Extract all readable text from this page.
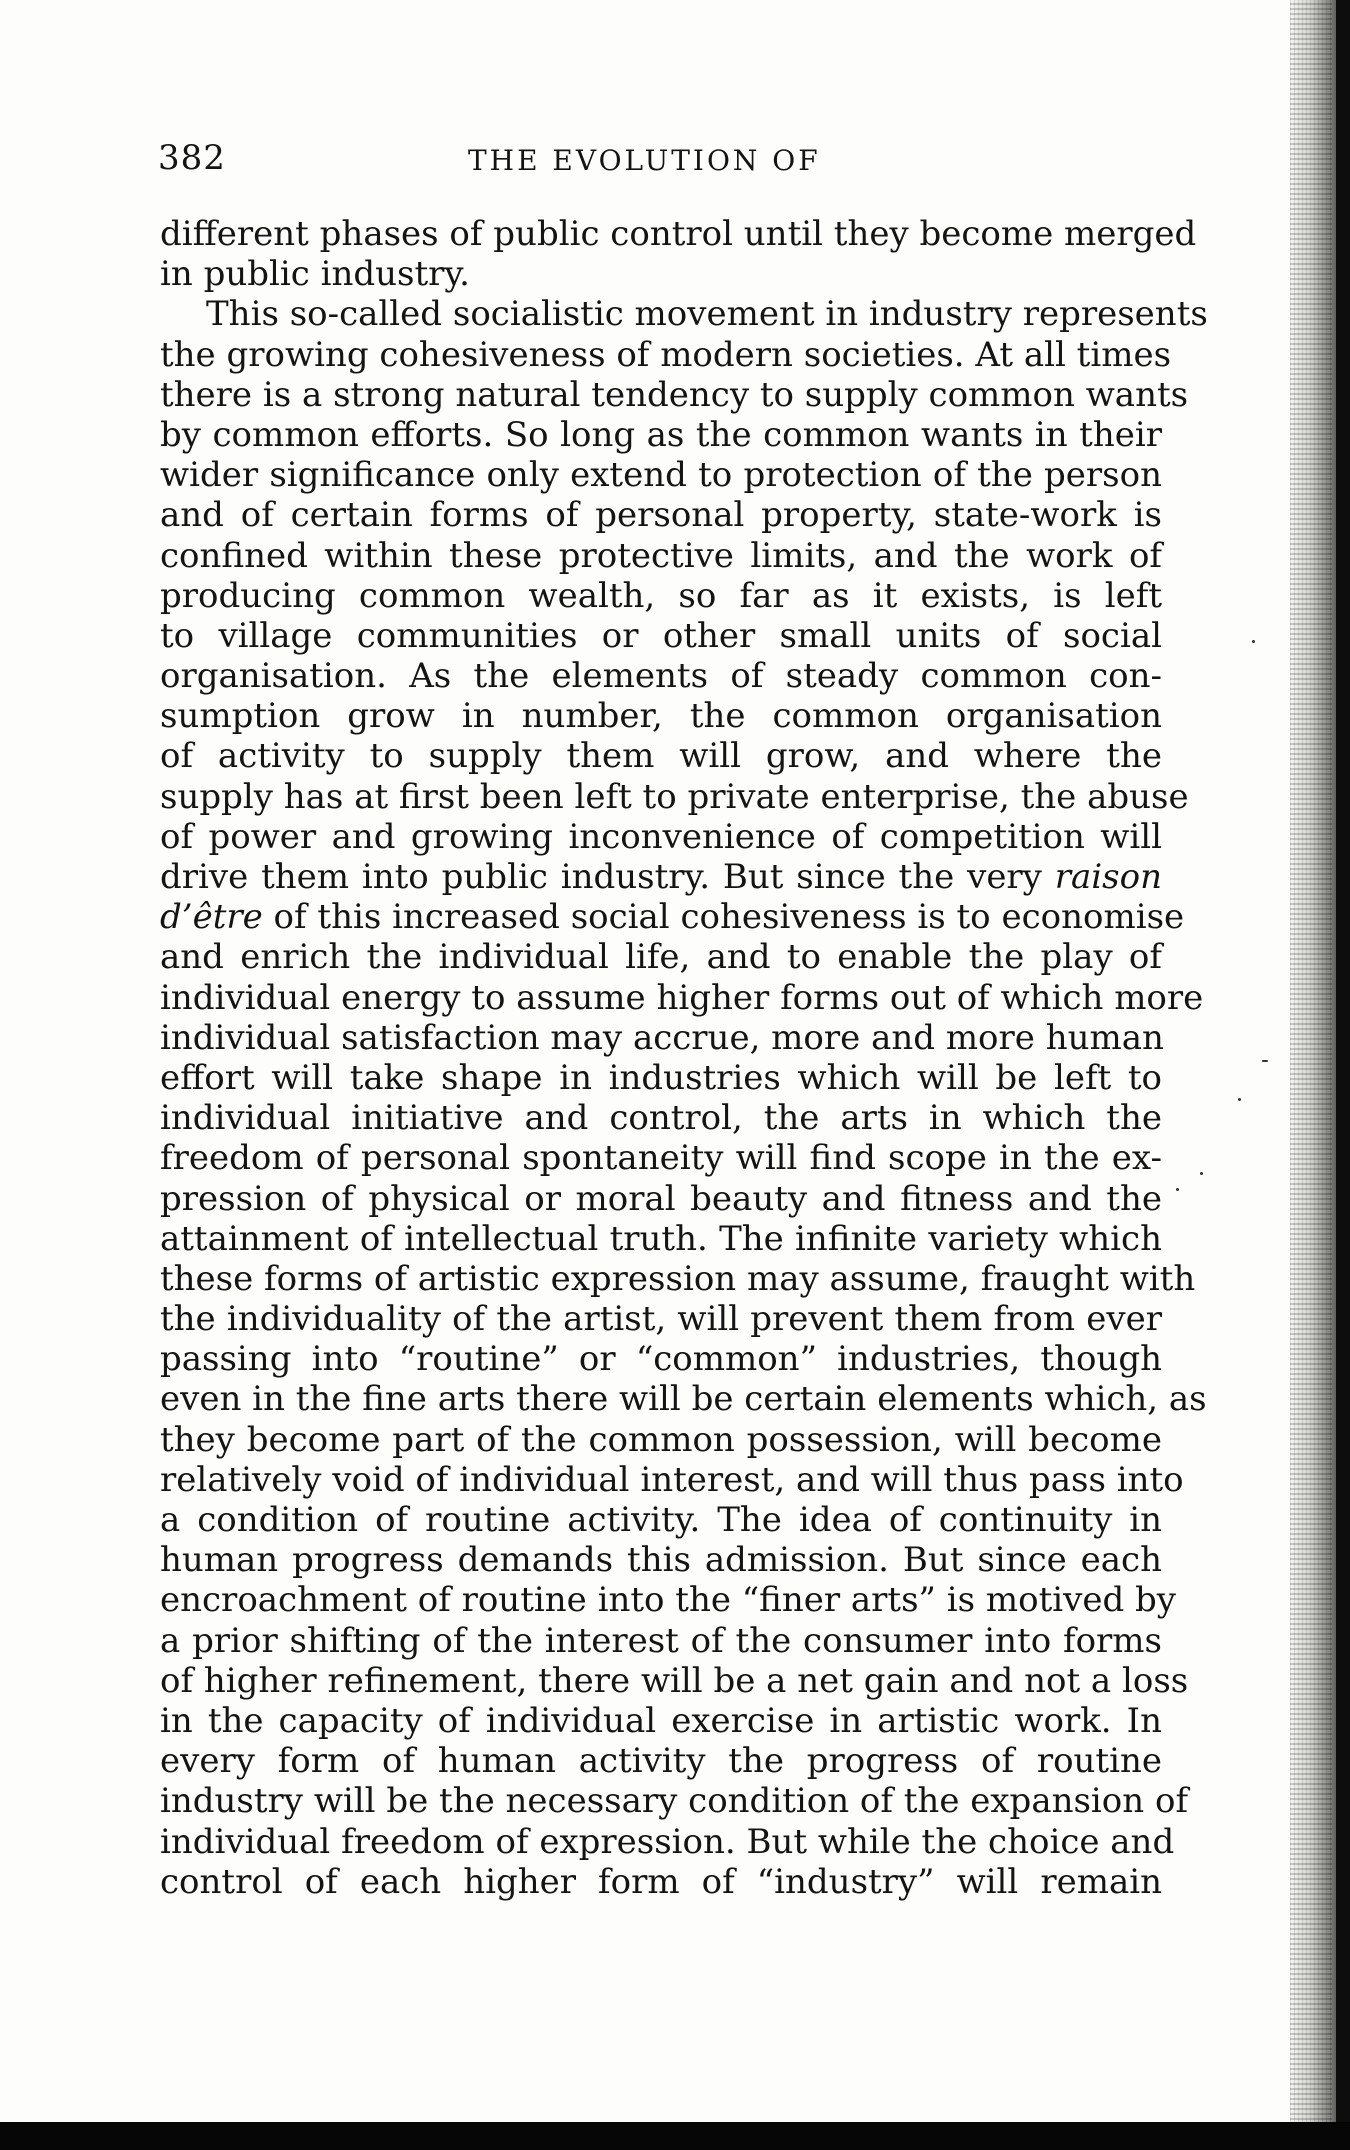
382	THE EVOLUTION OF
different phases of public control until they become merged
in public industry.
This so-called socialistic movement in industry represents
the growing cohesiveness of modern societies. At all times
there is a strong natural tendency to supply common wants
by common efforts. So long as the common wants in their
wider significance only extend to protection of the person
and of certain forms of personal property, state-work is
confined within these protective limits, and the work of
producing common wealth, so far as it exists, is left
to village communities or other small units of social
organisation. As the elements of steady common con-
sumption grow in number, the common organisation
of activity to supply them will grow, and where the
supply has at first been left to private enterprise, the abuse
of power and growing inconvenience of competition will
drive them into public industry. But since the very raison
d’être of this increased social cohesiveness is to economise
and enrich the individual life, and to enable the play of
individual energy to assume higher forms out of which more
individual satisfaction may accrue, more and more human
effort will take shape in industries which will be left to
individual initiative and control, the arts in which the
freedom of personal spontaneity will find scope in the ex-
pression of physical or moral beauty and fitness and the
attainment of intellectual truth. The infinite variety which
these forms of artistic expression may assume, fraught with
the individuality of the artist, will prevent them from ever
passing into “routine” or “common” industries, though
even in the fine arts there will be certain elements which, as
they become part of the common possession, will become
relatively void of individual interest, and will thus pass into
a condition of routine activity. The idea of continuity in
human progress demands this admission. But since each
encroachment of routine into the “finer arts” is motived by
a prior shifting of the interest of the consumer into forms
of higher refinement, there will be a net gain and not a loss
in the capacity of individual exercise in artistic work. In
every form of human activity the progress of routine
industry will be the necessary condition of the expansion of
individual freedom of expression. But while the choice and
control of each higher form of “industry” will remain
